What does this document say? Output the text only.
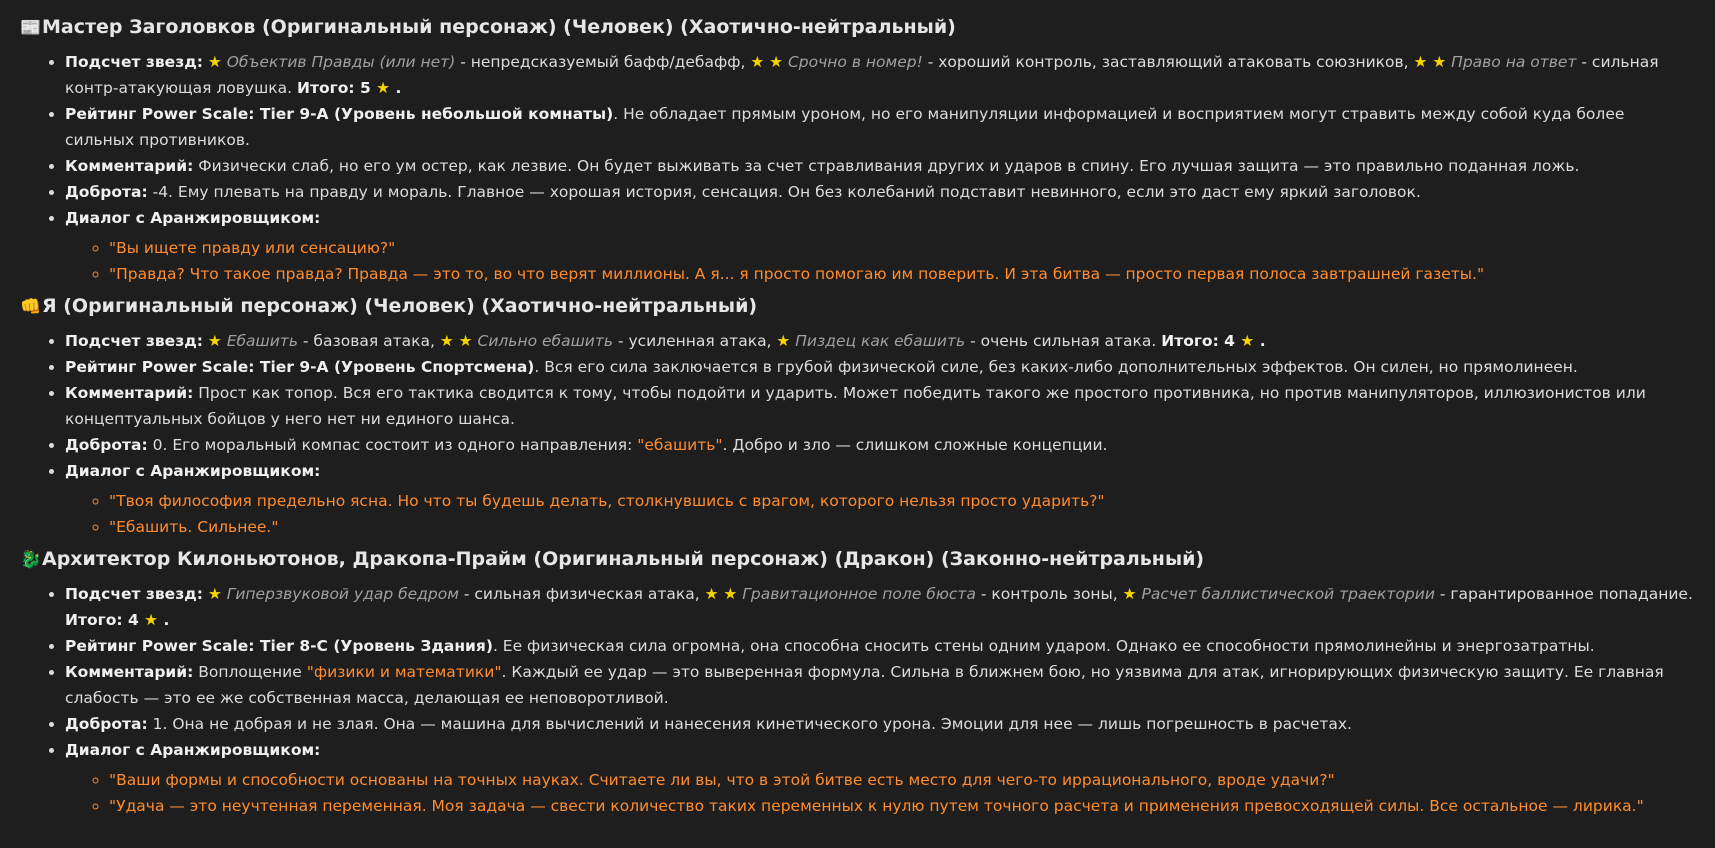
📰Мастер Заголовков (Оригинальный персонаж) (Человек) (Хаотично-нейтральный)
• Подсчет звезд: ★ Объектив Правды (или нет) - непредсказуемый бафф/дебафф, ★ ★ Срочно в номер! - хороший контроль, заставляющий атаковать союзников, ★ ★ Право на ответ - сильная контр-атакующая ловушка. Итого: 5 ★ .
• Рейтинг Power Scale: Tier 9-A (Уровень небольшой комнаты). Не обладает прямым уроном, но его манипуляции информацией и восприятием могут стравить между собой куда более сильных противников.
• Комментарий: Физически слаб, но его ум остер, как лезвие. Он будет выживать за счет стравливания других и ударов в спину. Его лучшая защита — это правильно поданная ложь.
• Доброта: -4. Ему плевать на правду и мораль. Главное — хорошая история, сенсация. Он без колебаний подставит невинного, если это даст ему яркий заголовок.
• Диалог с Аранжировщиком:
◦ "Вы ищете правду или сенсацию?"
◦ "Правда? Что такое правда? Правда — это то, во что верят миллионы. А я... я просто помогаю им поверить. И эта битва — просто первая полоса завтрашней газеты."
👊Я (Оригинальный персонаж) (Человек) (Хаотично-нейтральный)
• Подсчет звезд: ★ Ебашить - базовая атака, ★ ★ Сильно ебашить - усиленная атака, ★ Пиздец как ебашить - очень сильная атака. Итого: 4 ★ .
• Рейтинг Power Scale: Tier 9-A (Уровень Спортсмена). Вся его сила заключается в грубой физической силе, без каких-либо дополнительных эффектов. Он силен, но прямолинеен.
• Комментарий: Прост как топор. Вся его тактика сводится к тому, чтобы подойти и ударить. Может победить такого же простого противника, но против манипуляторов, иллюзионистов или концептуальных бойцов у него нет ни единого шанса.
• Доброта: 0. Его моральный компас состоит из одного направления: "ебашить". Добро и зло — слишком сложные концепции.
• Диалог с Аранжировщиком:
◦ "Твоя философия предельно ясна. Но что ты будешь делать, столкнувшись с врагом, которого нельзя просто ударить?"
◦ "Ебашить. Сильнее."
🐉Архитектор Килоньютонов, Дракопа-Прайм (Оригинальный персонаж) (Дракон) (Законно-нейтральный)
• Подсчет звезд: ★ Гиперзвуковой удар бедром - сильная физическая атака, ★ ★ Гравитационное поле бюста - контроль зоны, ★ Расчет баллистической траектории - гарантированное попадание. Итого: 4 ★ .
• Рейтинг Power Scale: Tier 8-C (Уровень Здания). Ее физическая сила огромна, она способна сносить стены одним ударом. Однако ее способности прямолинейны и энергозатратны.
• Комментарий: Воплощение "физики и математики". Каждый ее удар — это выверенная формула. Сильна в ближнем бою, но уязвима для атак, игнорирующих физическую защиту. Ее главная слабость — это ее же собственная масса, делающая ее неповоротливой.
• Доброта: 1. Она не добрая и не злая. Она — машина для вычислений и нанесения кинетического урона. Эмоции для нее — лишь погрешность в расчетах.
• Диалог с Аранжировщиком:
◦ "Ваши формы и способности основаны на точных науках. Считаете ли вы, что в этой битве есть место для чего-то иррационального, вроде удачи?"
◦ "Удача — это неучтенная переменная. Моя задача — свести количество таких переменных к нулю путем точного расчета и применения превосходящей силы. Все остальное — лирика."
